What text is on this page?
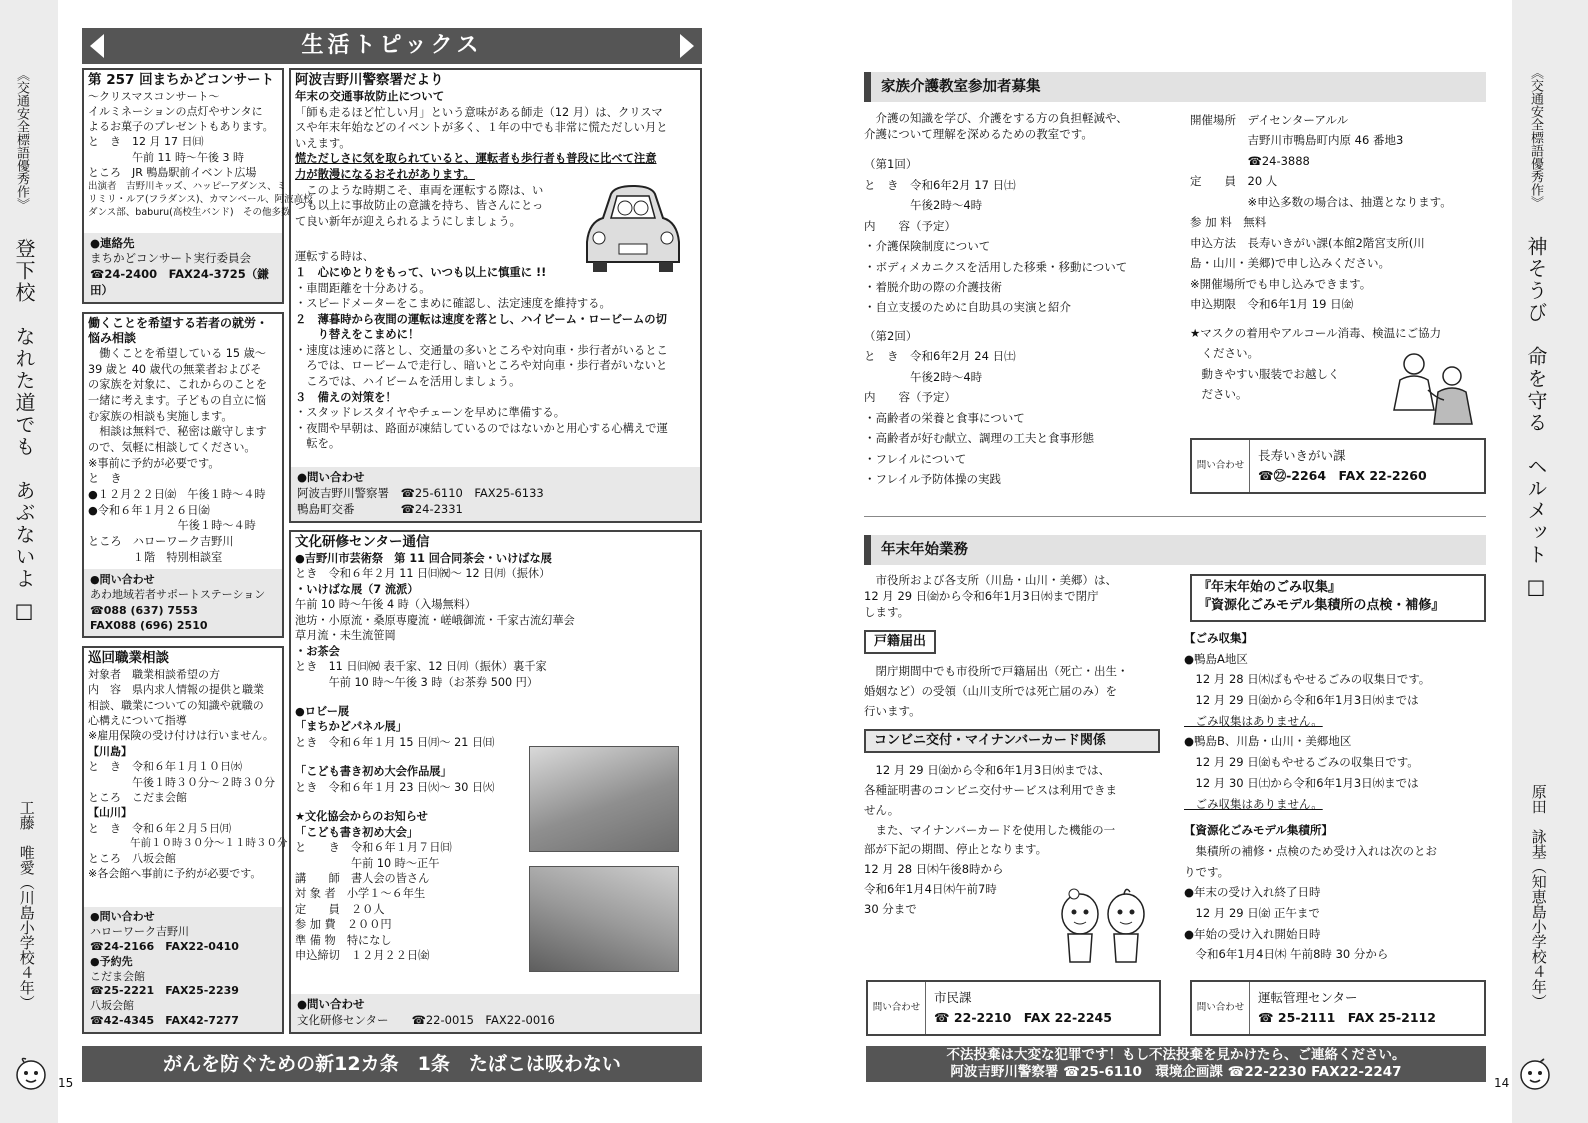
《交通安全標語優秀作》
登下校　なれた道でも　あぶないよ □
工藤　唯愛（川島小学校４年）
15
生活トピックス
第 257 回まちかどコンサート
～クリスマスコンサート～
イルミネーションの点灯やサンタに
よるお菓子のプレゼントもあります。
と　き　12 月 17 日㈰
　　　　午前 11 時～午後 3 時
ところ　JR 鴨島駅前イベント広場
出演者　吉野川キッズ、ハッピーアダンス、ミ
リミリ・ルア(フラダンス)、カマンベール、阿波高校
ダンス部、baburu(高校生バンド)　その他多数
●連絡先
まちかどコンサート実行委員会
☎24-2400　FAX24-3725（鎌田）
働くことを希望する若者の就労・悩み相談
　働くことを希望している 15 歳～
39 歳と 40 歳代の無業者およびそ
の家族を対象に、これからのことを
一緒に考えます。子どもの自立に悩
む家族の相談も実施します。
　相談は無料で、秘密は厳守します
ので、気軽に相談してください。
※事前に予約が必要です。
と　き
●１２月２２日㈮　午後１時～４時
●令和６年１月２６日㈮
　　　　　　　　午後１時～４時
ところ　ハローワーク吉野川
　　　　１階　特別相談室
●問い合わせ
あわ地域若者サポートステーション
☎088 (637) 7553
FAX088 (696) 2510
巡回職業相談
対象者　職業相談希望の方
内　容　県内求人情報の提供と職業
相談、職業についての知識や就職の
心構えについて指導
※雇用保険の受け付けは行いません。
【川島】
と　き　令和６年１月１０日㈬
　　　　午後１時３０分～２時３０分
ところ　こだま会館
【山川】
と　き　令和６年２月５日㈪
　　　　午前１０時３０分～１１時３０分
ところ　八坂会館
※各会館へ事前に予約が必要です。
●問い合わせ
ハローワーク吉野川
☎24-2166　FAX22-0410
●予約先
こだま会館
☎25-2221　FAX25-2239
八坂会館
☎42-4345　FAX42-7277
阿波吉野川警察署だより
年末の交通事故防止について
「師も走るほど忙しい月」という意味がある師走（12 月）は、クリスマ
スや年末年始などのイベントが多く、１年の中でも非常に慌ただしい月と
いえます。
慌ただしさに気を取られていると、運転者も歩行者も普段に比べて注意
力が散漫になるおそれがあります。
　このような時期こそ、車両を運転する際は、い
つも以上に事故防止の意識を持ち、皆さんにとっ
て良い新年が迎えられるようにしましょう。
運転する時は、
１　心にゆとりをもって、いつも以上に慎重に !!
・車間距離を十分あける。
・スピードメーターをこまめに確認し、法定速度を維持する。
２　薄暮時から夜間の運転は速度を落とし、ハイビーム・ロービームの切
　　り替えをこまめに！
・速度は速めに落とし、交通量の多いところや対向車・歩行者がいるとこ
　ろでは、ロービームで走行し、暗いところや対向車・歩行者がいないと
　ころでは、ハイビームを活用しましょう。
３　備えの対策を！
・スタッドレスタイヤやチェーンを早めに準備する。
・夜間や早朝は、路面が凍結しているのではないかと用心する心構えで運
　転を。
●問い合わせ
阿波吉野川警察署　☎25-6110　FAX25-6133
鴨島町交番　　　　☎24-2331
文化研修センター通信
●吉野川市芸術祭　第 11 回合同茶会・いけばな展
とき　令和６年２月 11 日㈰㈷～ 12 日㈪（振休）
・いけばな展（7 流派）
午前 10 時～午後 4 時（入場無料）
池坊・小原流・桑原専慶流・嵯峨御流・千家古流幻華会
草月流・未生流笹岡
・お茶会
とき　11 日㈰㈷ 表千家、12 日㈪（振休）裏千家
　　　午前 10 時～午後 3 時（お茶券 500 円）
●ロビー展
「まちかどパネル展」
とき　令和６年１月 15 日㈪～ 21 日㈰
「こども書き初め大会作品展」
とき　令和６年１月 23 日㈫～ 30 日㈫
★文化協会からのお知らせ
「こども書き初め大会」
と　　き　令和６年１月７日㈰
　　　　　午前 10 時～正午
講　　師　書人会の皆さん
対 象 者　小学１～６年生
定　　員　２０人
参 加 費　２００円
準 備 物　特になし
申込締切　１２月２２日㈮
●問い合わせ
文化研修センター　　☎22-0015　FAX22-0016
がんを防ぐための新12カ条　1条　たばこは吸わない
家族介護教室参加者募集
　介護の知識を学び、介護をする方の負担軽減や、
介護について理解を深めるための教室です。
（第1回）
と　き　令和6年2月 17 日㈯
　　　　午後2時～4時
内　　容（予定）
・介護保険制度について
・ボディメカニクスを活用した移乗・移動について
・着脱介助の際の介護技術
・自立支援のために自助具の実演と紹介
（第2回）
と　き　令和6年2月 24 日㈯
　　　　午後2時～4時
内　　容（予定）
・高齢者の栄養と食事について
・高齢者が好む献立、調理の工夫と食事形態
・フレイルについて
・フレイル予防体操の実践
開催場所　デイセンターアルル
　　　　　吉野川市鴨島町内原 46 番地3
　　　　　☎24-3888
定　　員　20 人
　　　　　※申込多数の場合は、抽選となります。
参 加 料　無料
申込方法　長寿いきがい課(本館2階宮支所(川
島・山川・美郷)で申し込みください。
※開催場所でも申し込みできます。
申込期限　令和6年1月 19 日㈮
★マスクの着用やアルコール消毒、検温にご協力
　ください。
　動きやすい服装でお越しく
　ださい。
問い合わせ
長寿いきがい課
☎㉒-2264　FAX 22-2260
年末年始業務
　市役所および各支所（川島・山川・美郷）は、
12 月 29 日㈮から令和6年1月3日㈬まで閉庁
します。
戸籍届出
　閉庁期間中でも市役所で戸籍届出（死亡・出生・
婚姻など）の受領（山川支所では死亡届のみ）を
行います。
コンビニ交付・マイナンバーカード関係
　12 月 29 日㈮から令和6年1月3日㈬までは、
各種証明書のコンビニ交付サービスは利用できま
せん。
　また、マイナンバーカードを使用した機能の一
部が下記の期間、停止となります。
12 月 28 日㈭午後8時から
令和6年1月4日㈭午前7時
30 分まで
『年末年始のごみ収集』
『資源化ごみモデル集積所の点検・補修』
【ごみ収集】
●鴨島A地区
　12 月 28 日㈭ばもやせるごみの収集日です。
　12 月 29 日㈮から令和6年1月3日㈬までは
　ごみ収集はありません。
●鴨島B、川島・山川・美郷地区
　12 月 29 日㈮もやせるごみの収集日です。
　12 月 30 日㈯から令和6年1月3日㈬までは
　ごみ収集はありません。
【資源化ごみモデル集積所】
　集積所の補修・点検のため受け入れは次のとお
りです。
●年末の受け入れ終了日時
　12 月 29 日㈮ 正午まで
●年始の受け入れ開始日時
　令和6年1月4日㈭ 午前8時 30 分から
問い合わせ
市民課
☎ 22-2210　FAX 22-2245
問い合わせ
運転管理センター
☎ 25-2111　FAX 25-2112
不法投棄は大変な犯罪です！もし不法投棄を見かけたら、ご連絡ください。
阿波吉野川警察署 ☎25-6110　環境企画課 ☎22-2230 FAX22-2247
14
《交通安全標語優秀作》
神そうび　命を守る　ヘルメット □
原田　詠基（知恵島小学校４年）
